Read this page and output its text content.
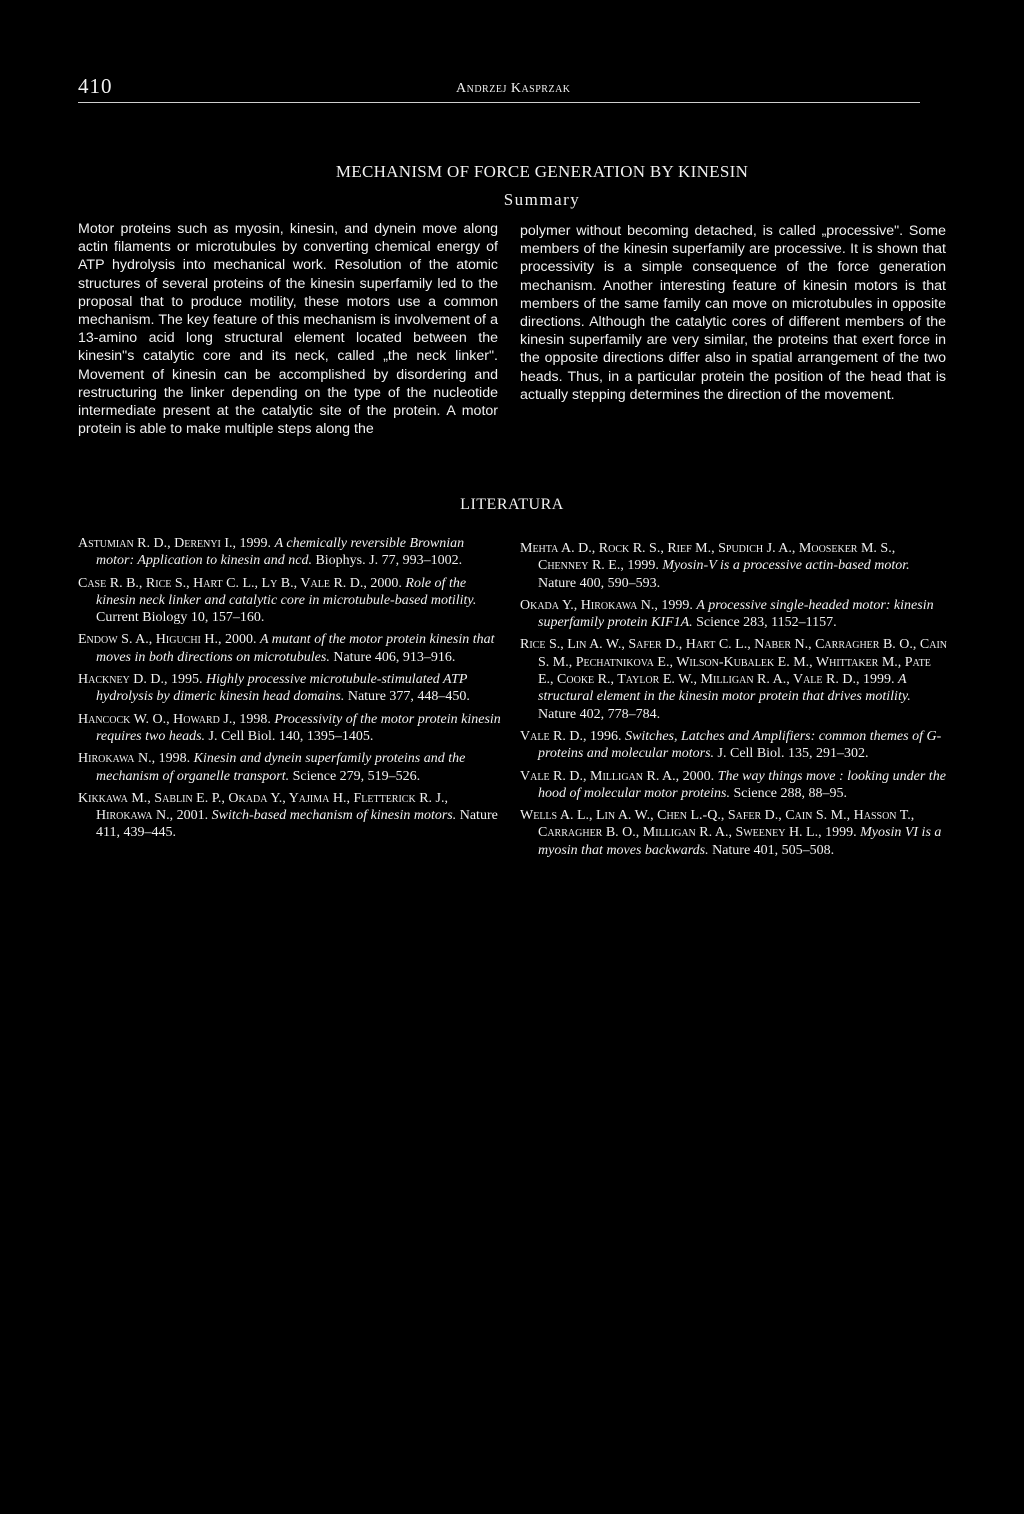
410	Andrzej Kasprzak
MECHANISM OF FORCE GENERATION BY KINESIN
Summary
Motor proteins such as myosin, kinesin, and dynein move along actin filaments or microtubules by converting chemical energy of ATP hydrolysis into mechanical work. Resolution of the atomic structures of several proteins of the kinesin superfamily led to the proposal that to produce motility, these motors use a common mechanism. The key feature of this mechanism is involvement of a 13-amino acid long structural element located between the kinesin"s catalytic core and its neck, called „the neck linker". Movement of kinesin can be accomplished by disordering and restructuring the linker depending on the type of the nucleotide intermediate present at the catalytic site of the protein. A motor protein is able to make multiple steps along the
polymer without becoming detached, is called „processive". Some members of the kinesin superfamily are processive. It is shown that processivity is a simple consequence of the force generation mechanism. Another interesting feature of kinesin motors is that members of the same family can move on microtubules in opposite directions. Although the catalytic cores of different members of the kinesin superfamily are very similar, the proteins that exert force in the opposite directions differ also in spatial arrangement of the two heads. Thus, in a particular protein the position of the head that is actually stepping determines the direction of the movement.
LITERATURA

Astumian R. D., Derenyi I., 1999. A chemically reversible Brownian motor: Application to kinesin and ncd. Biophys. J. 77, 993–1002.

Case R. B., Rice S., Hart C. L., Ly B., Vale R. D., 2000. Role of the kinesin neck linker and catalytic core in microtubule-based motility. Current Biology 10, 157–160.

Endow S. A., Higuchi H., 2000. A mutant of the motor protein kinesin that moves in both directions on microtubules. Nature 406, 913–916.

Hackney D. D., 1995. Highly processive microtubule-stimulated ATP hydrolysis by dimeric kinesin head domains. Nature 377, 448–450.

Hancock W. O., Howard J., 1998. Processivity of the motor protein kinesin requires two heads. J. Cell Biol. 140, 1395–1405.

Hirokawa N., 1998. Kinesin and dynein superfamily proteins and the mechanism of organelle transport. Science 279, 519–526.

Kikkawa M., Sablin E. P., Okada Y., Yajima H., Fletterick R. J., Hirokawa N., 2001. Switch-based mechanism of kinesin motors. Nature 411, 439–445.

Mehta A. D., Rock R. S., Rief M., Spudich J. A., Mooseker M. S., Chenney R. E., 1999. Myosin-V is a processive actin-based motor. Nature 400, 590–593.

Okada Y., Hirokawa N., 1999. A processive single-headed motor: kinesin superfamily protein KIF1A. Science 283, 1152–1157.

Rice S., Lin A. W., Safer D., Hart C. L., Naber N., Carragher B. O., Cain S. M., Pechatnikova E., Wilson-Kubalek E. M., Whittaker M., Pate E., Cooke R., Taylor E. W., Milligan R. A., Vale R. D., 1999. A structural element in the kinesin motor protein that drives motility. Nature 402, 778–784.

Vale R. D., 1996. Switches, Latches and Amplifiers: common themes of G-proteins and molecular motors. J. Cell Biol. 135, 291–302.

Vale R. D., Milligan R. A., 2000. The way things move : looking under the hood of molecular motor proteins. Science 288, 88–95.

Wells A. L., Lin A. W., Chen L.-Q., Safer D., Cain S. M., Hasson T., Carragher B. O., Milligan R. A., Sweeney H. L., 1999. Myosin VI is a myosin that moves backwards. Nature 401, 505–508.
